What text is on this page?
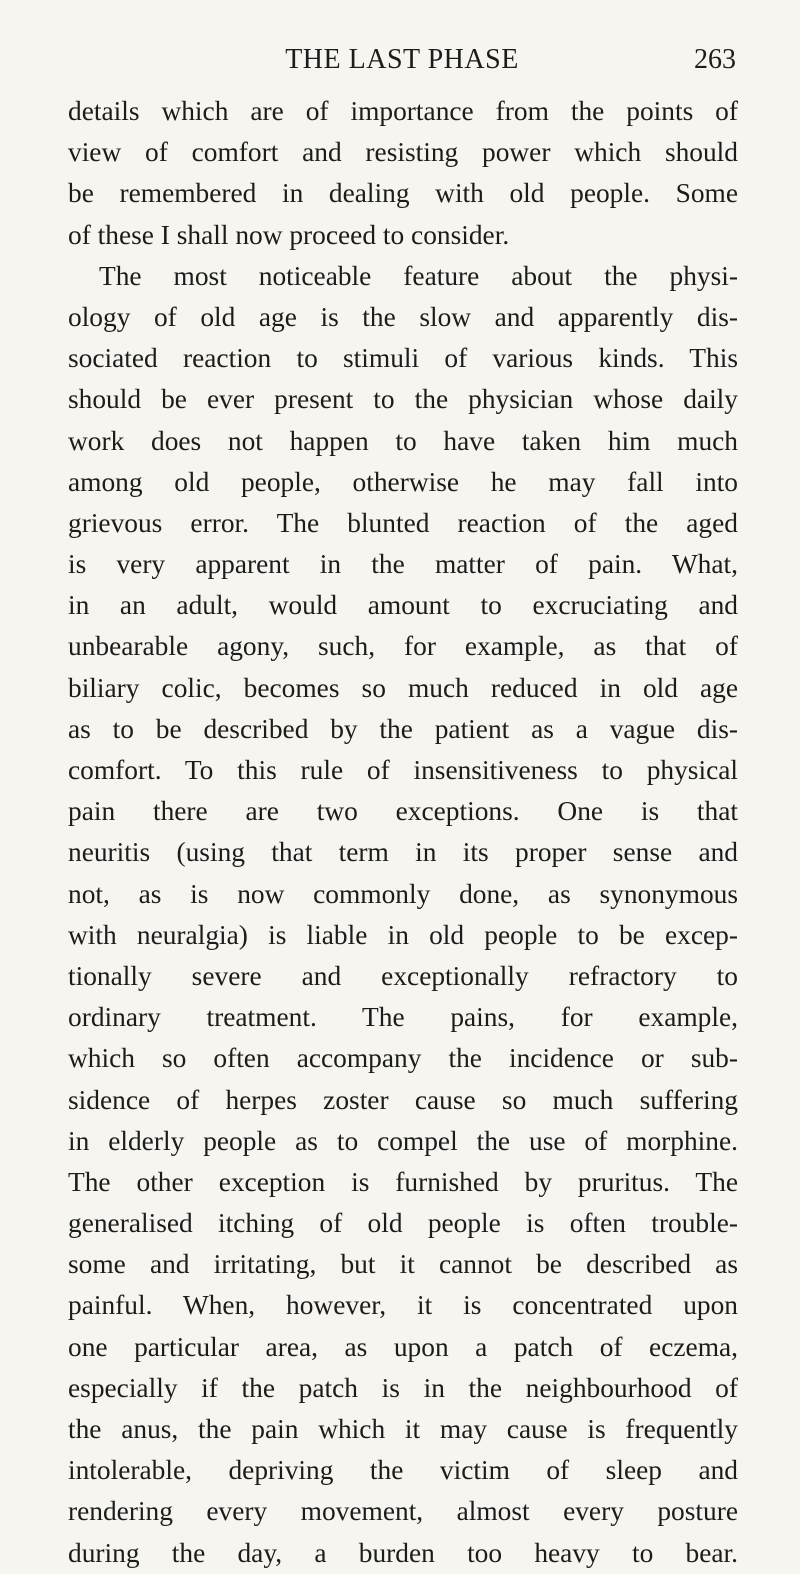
THE LAST PHASE	263
details which are of importance from the points of
view of comfort and resisting power which should
be remembered in dealing with old people. Some
of these I shall now proceed to consider.
The most noticeable feature about the physi-
ology of old age is the slow and apparently dis-
sociated reaction to stimuli of various kinds. This
should be ever present to the physician whose daily
work does not happen to have taken him much
among old people, otherwise he may fall into
grievous error. The blunted reaction of the aged
is very apparent in the matter of pain. What,
in an adult, would amount to excruciating and
unbearable agony, such, for example, as that of
biliary colic, becomes so much reduced in old age
as to be described by the patient as a vague dis-
comfort. To this rule of insensitiveness to physical
pain there are two exceptions. One is that
neuritis (using that term in its proper sense and
not, as is now commonly done, as synonymous
with neuralgia) is liable in old people to be excep-
tionally severe and exceptionally refractory to
ordinary treatment. The pains, for example,
which so often accompany the incidence or sub-
sidence of herpes zoster cause so much suffering
in elderly people as to compel the use of morphine.
The other exception is furnished by pruritus. The
generalised itching of old people is often trouble-
some and irritating, but it cannot be described as
painful. When, however, it is concentrated upon
one particular area, as upon a patch of eczema,
especially if the patch is in the neighbourhood of
the anus, the pain which it may cause is frequently
intolerable, depriving the victim of sleep and
rendering every movement, almost every posture
during the day, a burden too heavy to bear.
